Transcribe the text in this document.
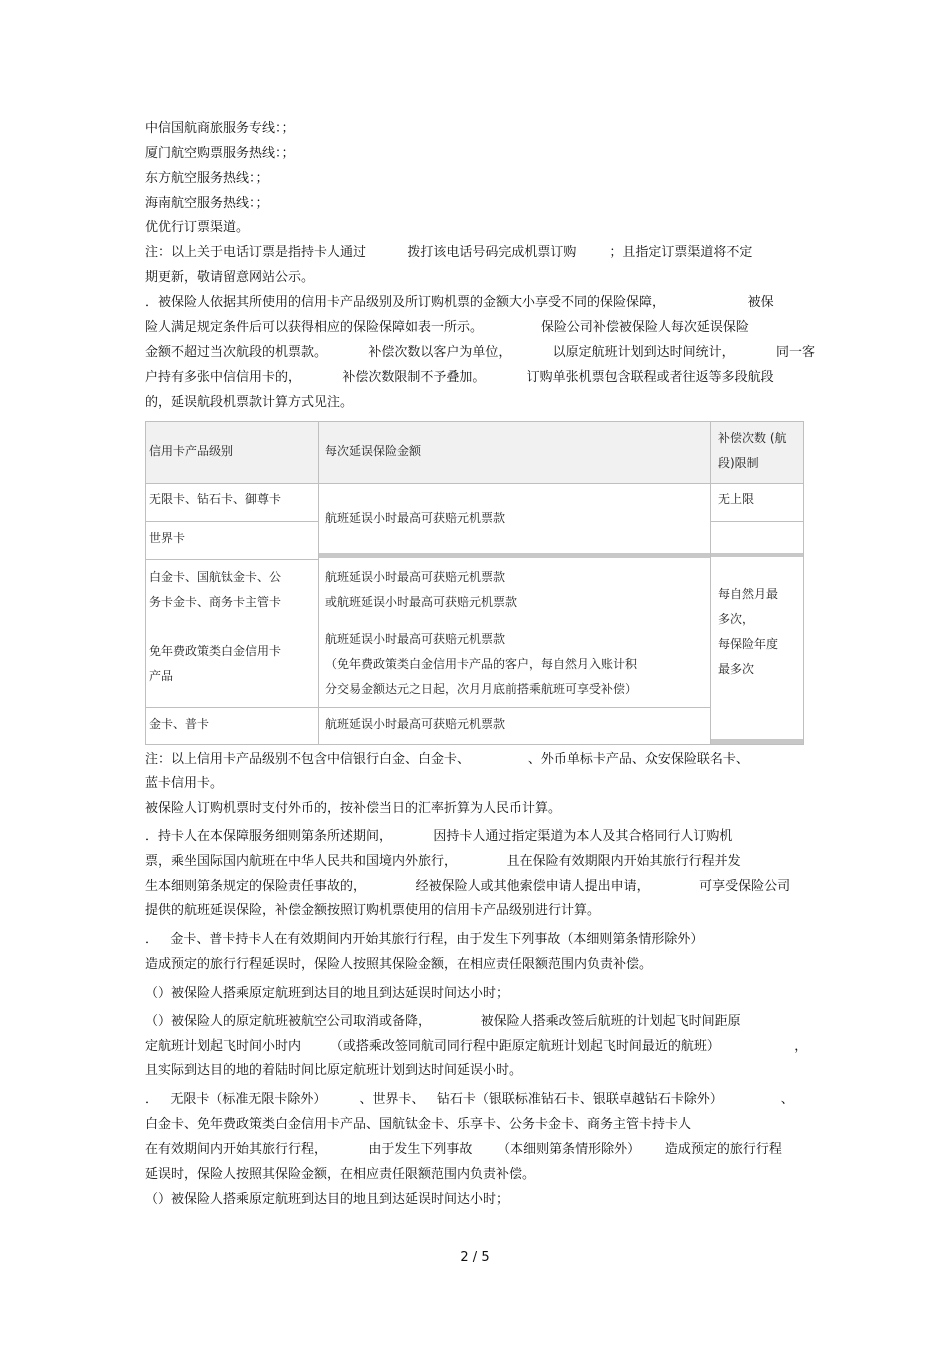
中信国航商旅服务专线：；
厦门航空购票服务热线：；
东方航空服务热线：；
海南航空服务热线：；
优优行订票渠道。
注：以上关于电话订票是指持卡人通过          拨打该电话号码完成机票订购        ；且指定订票渠道将不定
期更新，敬请留意网站公示。
．被保险人依据其所使用的信用卡产品级别及所订购机票的金额大小享受不同的保险保障，                    被保
险人满足规定条件后可以获得相应的保险保障如表一所示。              保险公司补偿被保险人每次延误保险
金额不超过当次航段的机票款。          补偿次数以客户为单位，          以原定航班计划到达时间统计，          同一客
户持有多张中信信用卡的，          补偿次数限制不予叠加。          订购单张机票包含联程或者往返等多段航段
的，延误航段机票款计算方式见注。
信用卡产品级别	每次延误保险金额
补偿次数 (航
段)限制
无限卡、钻石卡、御尊卡
世界卡
白金卡、国航钛金卡、公
务卡金卡、商务卡主管卡
免年费政策类白金信用卡
产品
金卡、普卡
航班延误小时最高可获赔元机票款
航班延误小时最高可获赔元机票款
或航班延误小时最高可获赔元机票款
航班延误小时最高可获赔元机票款
（免年费政策类白金信用卡产品的客户，每自然月入账计积
分交易金额达元之日起，次月月底前搭乘航班可享受补偿）
航班延误小时最高可获赔元机票款
无上限
每自然月最
多次，
每保险年度
最多次
注：以上信用卡产品级别不包含中信银行白金、白金卡、              、外币单标卡产品、众安保险联名卡、
蓝卡信用卡。
被保险人订购机票时支付外币的，按补偿当日的汇率折算为人民币计算。
．持卡人在本保障服务细则第条所述期间，          因持卡人通过指定渠道为本人及其合格同行人订购机
票，乘坐国际国内航班在中华人民共和国境内外旅行，            且在保险有效期限内开始其旅行行程并发
生本细则第条规定的保险责任事故的，            经被保险人或其他索偿申请人提出申请，            可享受保险公司
提供的航班延误保险，补偿金额按照订购机票使用的信用卡产品级别进行计算。
．   金卡、普卡持卡人在有效期间内开始其旅行行程，由于发生下列事故（本细则第条情形除外）
造成预定的旅行行程延误时，保险人按照其保险金额，在相应责任限额范围内负责补偿。
（）被保险人搭乘原定航班到达目的地且到达延误时间达小时；
（）被保险人的原定航班被航空公司取消或备降，            被保险人搭乘改签后航班的计划起飞时间距原
定航班计划起飞时间小时内       （或搭乘改签同航司同行程中距原定航班计划起飞时间最近的航班）                  ，
且实际到达目的地的着陆时间比原定航班计划到达时间延误小时。
．   无限卡（标准无限卡除外）        、世界卡、   钻石卡（银联标准钻石卡、银联卓越钻石卡除外）              、
白金卡、免年费政策类白金信用卡产品、国航钛金卡、乐享卡、公务卡金卡、商务主管卡持卡人
在有效期间内开始其旅行行程，          由于发生下列事故      （本细则第条情形除外）      造成预定的旅行行程
延误时，保险人按照其保险金额，在相应责任限额范围内负责补偿。
（）被保险人搭乘原定航班到达目的地且到达延误时间达小时；
2 / 5
